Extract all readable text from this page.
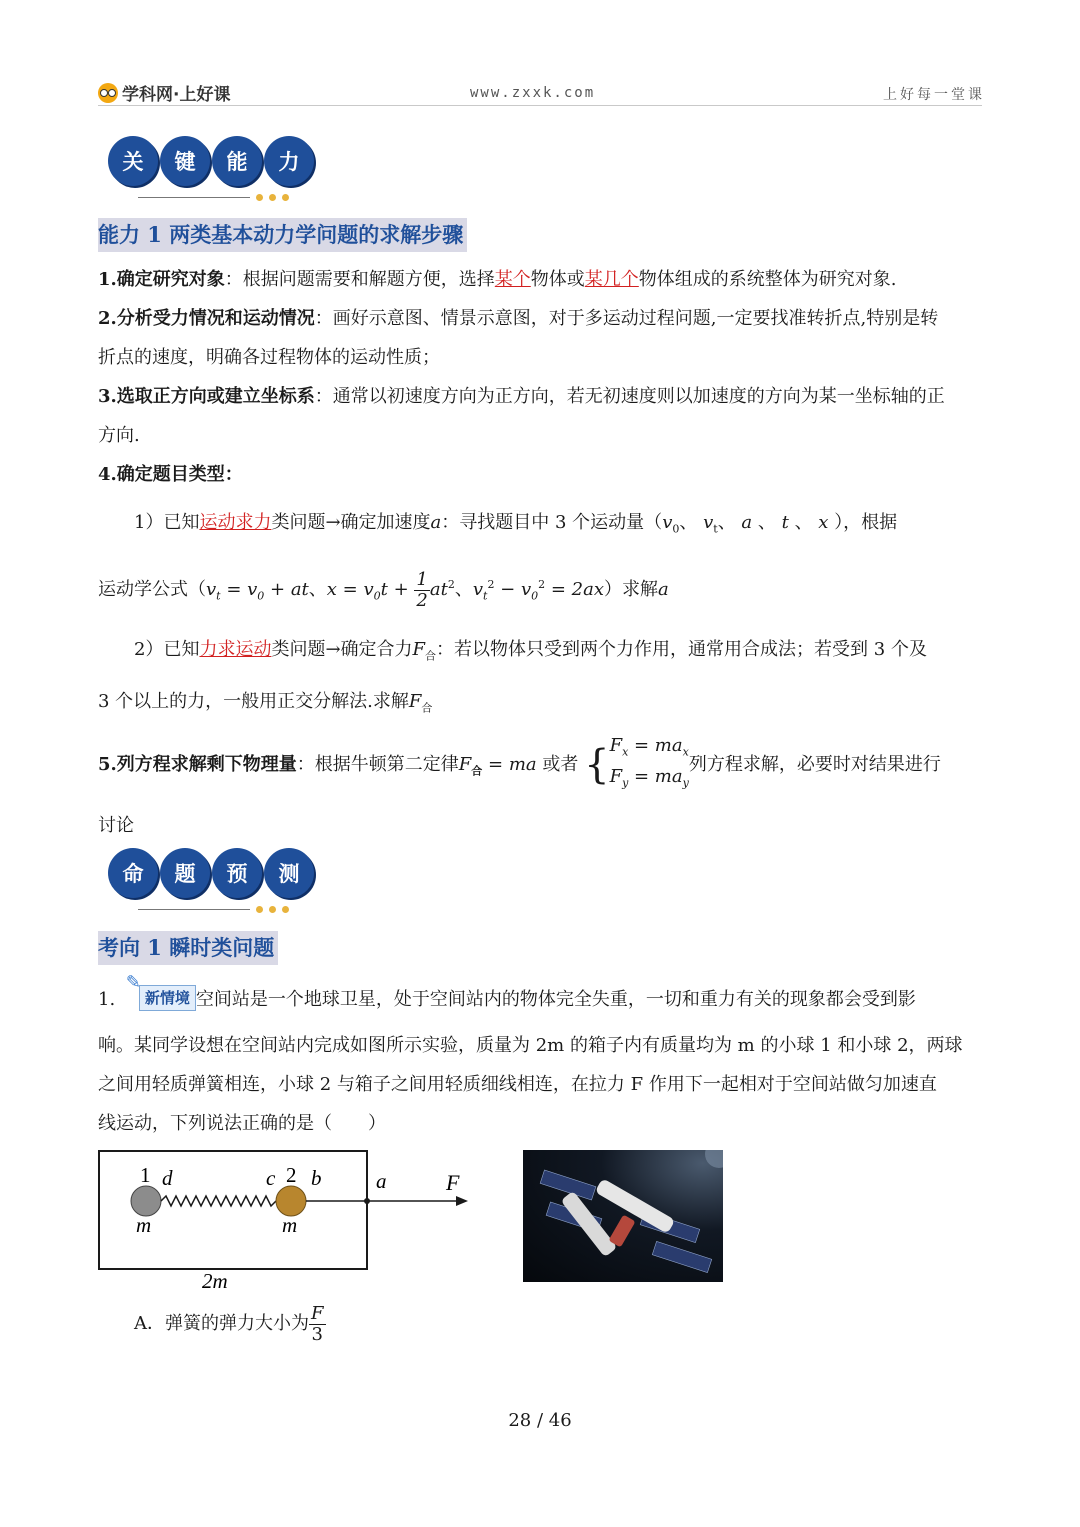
学科网·上好课	www.zxxk.com	上好每一堂课
关	键	能	力
能力 1 两类基本动力学问题的求解步骤
1.确定研究对象：根据问题需要和解题方便，选择某个物体或某几个物体组成的系统整体为研究对象.
2.分析受力情况和运动情况：画好示意图、情景示意图，对于多运动过程问题,一定要找准转折点,特别是转
折点的速度，明确各过程物体的运动性质；
3.选取正方向或建立坐标系：通常以初速度方向为正方向，若无初速度则以加速度的方向为某一坐标轴的正
方向.
4.确定题目类型：
1）已知运动求力类问题→确定加速度a：寻找题目中 3 个运动量（$v_0$、 $v_t$、 a 、 t 、 x ），根据
运动学公式（$v_t = v_0$ + at、$x = v_0t + \frac{1}{2} at^2$、$v_t^2 - v_0^2 = 2ax$）求解a
2）已知力求运动类问题→确定合力$F_合$：若以物体只受到两个力作用，通常用合成法；若受到 3 个及
3 个以上的力，一般用正交分解法.求解$F_合$
5.列方程求解剩下物理量：根据牛顿第二定律$F_合$ = ma 或者 { $F_x = ma_x$
$F_y = ma_y$
列方程求解，必要时对结果进行
讨论
命	题	预	测
考向 1 瞬时类问题
1.
✎
新情境 空间站是一个地球卫星，处于空间站内的物体完全失重，一切和重力有关的现象都会受到影
响。某同学设想在空间站内完成如图所示实验，质量为 2m 的箱子内有质量均为 m 的小球 1 和小球 2，两球
之间用轻质弹簧相连，小球 2 与箱子之间用轻质细线相连，在拉力 F 作用下一起相对于空间站做匀加速直
线运动，下列说法正确的是（　　）
1 d	c 2 b	a	F
m	m
2m
A．弹簧的弹力大小为 $\frac{F}{3}$
28 / 46
